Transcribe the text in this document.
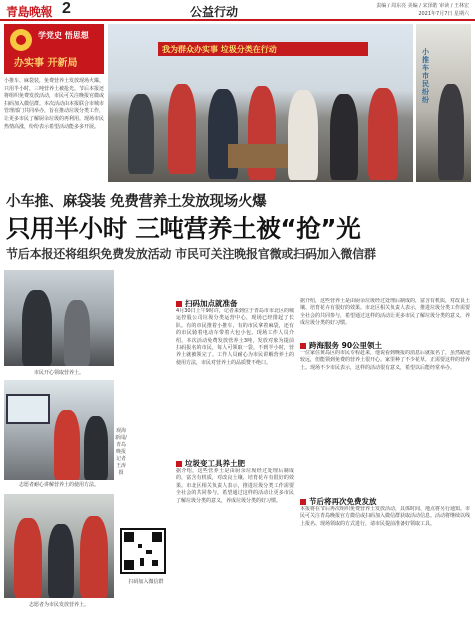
青島晚報 2	公益行动	责编 / 周东亮 美编 / 宋泽皓 审读 / 王林宏
2021年7月7日 星期六
学党史 悟思想
办实事 开新局
小推车、麻袋装，免费营养土发放现场火爆。只用半小时，三吨营养土被抢光。节后本报还将组织免费发放活动，市民可关注晚报官微或扫码加入微信群。本次活动由本报联合市城市管理部门共同举办，旨在推动垃圾分类工作，让更多市民了解厨余垃圾的再利用。现场市民热情高涨，纷纷表示希望活动能多多开展。
我为群众办实事 垃圾分类在行动	小推车市民纷纷
小车推、麻袋装 免费营养土发放现场火爆
只用半小时 三吨营养土被“抢”光
节后本报还将组织免费发放活动 市民可关注晚报官微或扫码加入微信群
市民开心领取营养土。
志愿者耐心讲解营养土的使用方法。
志愿者为市民发放营养土。
观海新闻/青岛晚报 记者 王涛 摄
扫码加点就准备
4月30日上午9时许，记者来到位于青岛市市北区的城运控股公司垃圾分类运营中心，现场已经排起了长队。有的市民推着小推车，有的市民拿着麻袋，还有的市民骑着电动车带着大包小包。现场工作人员介绍，本次活动免费发放营养土3吨，发放对象为提前扫码报名的市民，每人可领取一袋。不到半小时，营养土就被领完了。工作人员耐心为市民讲解营养土的使用方法，市民对营养土的品质赞不绝口。
垃圾变工具养土肥
据介绍，这些营养土是由厨余垃圾经过处理后制成的，富含有机质，对改良土壤、培育花卉有很好的效果。市北区相关负责人表示，推进垃圾分类工作需要全社会的共同参与，希望通过这样的活动让更多市民了解垃圾分类的意义，养成垃圾分类的好习惯。
据介绍，这些营养土是由厨余垃圾经过处理后制成的，富含有机质，对改良土壤、培育花卉有很好的效果。市北区相关负责人表示，推进垃圾分类工作需要全社会的共同参与，希望通过这样的活动让更多市民了解垃圾分类的意义，养成垃圾分类的好习惯。
跨海服务 90公里领土
一位家住黄岛区的市民专程赶来，他说看到晚报的消息后就报名了，虽然路途较远，但能领到免费的营养土很开心。家里种了不少花草，正需要这样的营养土。现场不少市民表示，这样的活动很有意义，希望以后能经常举办。
节后将再次免费发放
本报将在节后再次组织免费营养土发放活动，具体时间、地点将另行通知。市民可关注青岛晚报官方微信或扫码加入微信群获取活动信息。活动将继续以线上报名、现场领取的方式进行，请市民提前准备好领取工具。
扫码加入微信群
